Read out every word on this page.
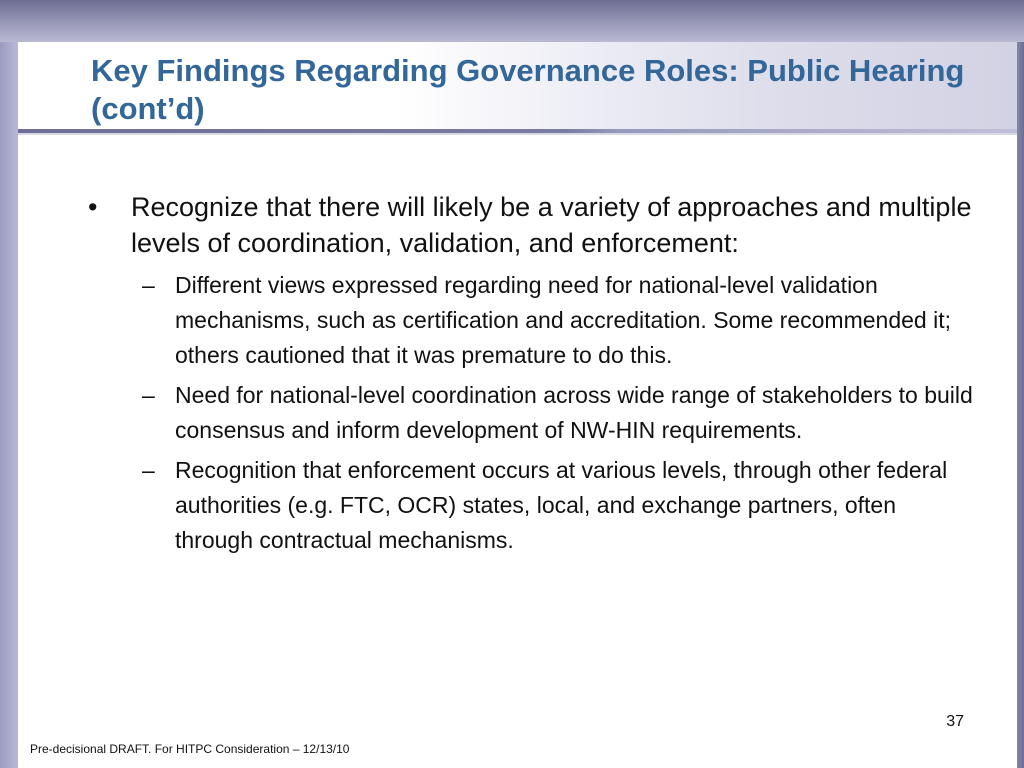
Key Findings Regarding Governance Roles: Public Hearing (cont’d)
•	Recognize that there will likely be a variety of approaches and multiple levels of coordination, validation, and enforcement:
– Different views expressed regarding need for national-level validation mechanisms, such as certification and accreditation. Some recommended it; others cautioned that it was premature to do this.
– Need for national-level coordination across wide range of stakeholders to build consensus and inform development of NW-HIN requirements.
– Recognition that enforcement occurs at various levels, through other federal authorities (e.g. FTC, OCR) states, local, and exchange partners, often through contractual mechanisms.
37
Pre-decisional DRAFT. For HITPC Consideration – 12/13/10
